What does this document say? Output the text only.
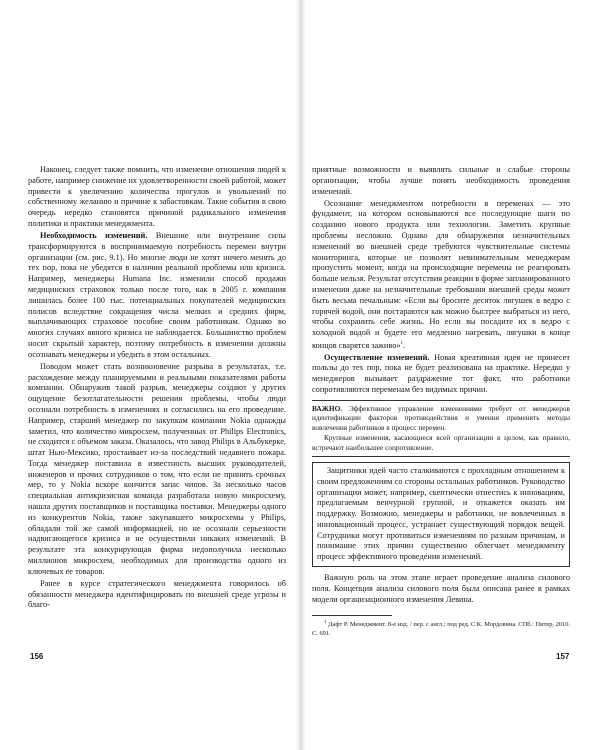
Наконец, следует также помнить, что изменение отношения людей к работе, например снижение их удовлетворенности своей работой, может привести к увеличению количества прогулов и увольнений по собственному желанию и причине к забастовкам. Такие события в свою очередь нередко становятся причиной радикального изменения политики и практики менеджмента.

Необходимость изменений. Внешние или внутренние силы трансформируются в воспринимаемую потребность перемен внутри организации (см. рис. 9.1). Но многие люди не хотят ничего менять до тех пор, пока не убедятся в наличии реальной проблемы или кризиса. Например, менеджеры Humana Inc. изменили способ продажи медицинских страховок только после того, как в 2005 г. компания лишилась более 100 тыс. потенциальных покупателей медицинских полисов вследствие сокращения числа мелких и средних фирм, выплачивающих страховое пособие своим работникам. Однако во многих случаях явного кризиса не наблюдается. Большинство проблем носит скрытый характер, поэтому потребность в изменении должны осознавать менеджеры и убедить в этом остальных.

Поводом может стать возникновение разрыва в результатах, т.е. расхождение между планируемыми и реальными показателями работы компании. Обнаружив такой разрыв, менеджеры создают у других ощущение безотлагательности решения проблемы, чтобы люди осознали потребность в изменениях и согласились на его проведение. Например, старший менеджер по закупкам компании Nokia однажды заметил, что количество микросхем, полученных от Philips Electronics, не сходится с объемом заказа. Оказалось, что завод Philips в Альбукерке, штат Нью-Мексико, простаивает из-за последствий недавнего пожара. Тогда менеджер поставила в известность высших руководителей, инженеров и прочих сотрудников о том, что если не принять срочных мер, то у Nokia вскоре кончится запас чипов. За несколько часов специальная антикризисная команда разработала новую микросхему, нашла других поставщиков и поставщика поставки. Менеджеры одного из конкурентов Nokia, также закупавшего микросхемы у Philips, обладали той же самой информацией, но не осознали серьезности надвигающегося кризиса и не осуществили никаких изменений. В результате эта конкурирующая фирма недополучила несколько миллионов микросхем, необходимых для производства одного из ключевых ее товаров.

Ранее в курсе стратегического менеджмента говорилось об обязанности менеджера идентифицировать по внешней среде угрозы и благо-

156

приятные возможности и выявлять сильные и слабые стороны организации, чтобы лучше понять необходимость проведения изменений.

Осознание менеджментом потребности в переменах — это фундамент, на котором основываются все последующие шаги по созданию нового продукта или технологии. Заметить крупные проблемы несложно. Однако для обнаружения незначительных изменений во внешней среде требуются чувствительные системы мониторинга, которые не позволят невнимательным менеджерам пропустить момент, когда на происходящие перемены не реагировать больше нельзя. Результат отсутствия реакции в форме запланированного изменения даже на незначительные требования внешней среды может быть весьма печальным: «Если вы бросите десяток лягушек в ведро с горячей водой, они постараются как можно быстрее выбраться из него, чтобы сохранить себе жизнь. Но если вы посадите их в ведро с холодной водой и будете его медленно нагревать, лягушки в конце концов сварятся заживо»$^1$.

Осуществление изменений. Новая креативная идея не принесет пользы до тех пор, пока не будет реализована на практике. Нередко у менеджеров вызывает раздражение тот факт, что работники сопротивляются переменам без видимых причин.

ВАЖНО. Эффективное управление изменениями требует от менеджеров идентификации факторов противодействия и умения применять методы вовлечения работников в процесс перемен.

Крупные изменения, касающиеся всей организации в целом, как правило, встречают наибольшее сопротивление.

Защитники идей часто сталкиваются с прохладным отношением к своим предложениям со стороны остальных работников. Руководство организации может, например, скептически отнестись к инновациям, предлагаемым венчурной группой, и откажется оказать им поддержку. Возможно, менеджеры и работники, не вовлеченных в инновационный процесс, устранает существующий порядок вещей. Сотрудники могут противиться изменениям по разным причинам, и понимание этих причин существенно облегчает менеджменту процесс эффективного проведения изменений.

Важную роль на этом этапе играет проведение анализа силового поля. Концепция анализа силового поля была описана ранее в рамках модели организационного изменения Левина.

$^1$ Дафт Р. Менеджмент. 8-е изд. / пер. с англ.; под ред. С.К. Мордовина. СПб.: Питер, 2010. С. 691.

157
